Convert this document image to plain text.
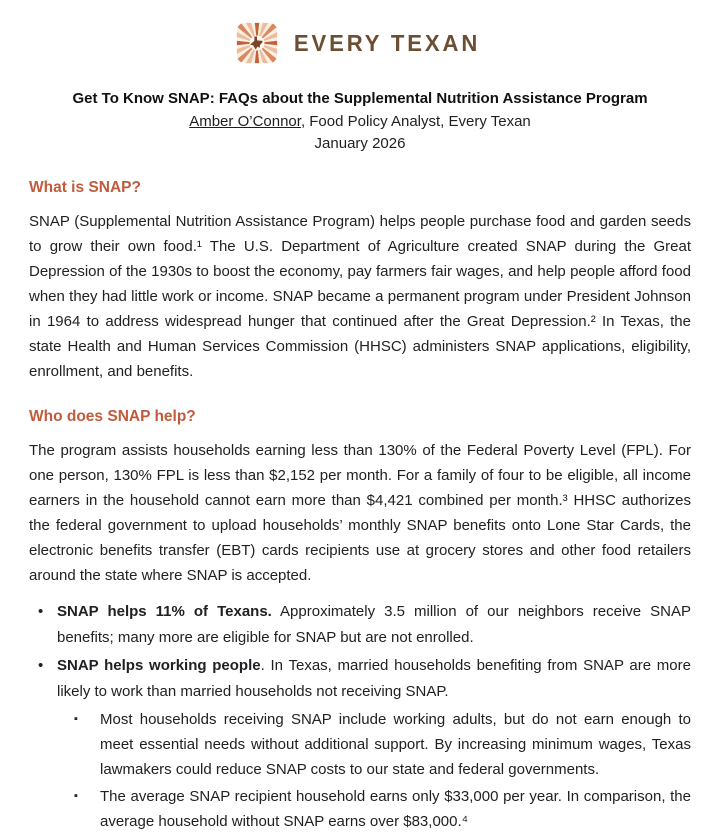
EVERY TEXAN
Get To Know SNAP: FAQs about the Supplemental Nutrition Assistance Program
Amber O’Connor, Food Policy Analyst, Every Texan
January 2026
What is SNAP?

SNAP (Supplemental Nutrition Assistance Program) helps people purchase food and garden seeds to grow their own food.¹ The U.S. Department of Agriculture created SNAP during the Great Depression of the 1930s to boost the economy, pay farmers fair wages, and help people afford food when they had little work or income. SNAP became a permanent program under President Johnson in 1964 to address widespread hunger that continued after the Great Depression.² In Texas, the state Health and Human Services Commission (HHSC) administers SNAP applications, eligibility, enrollment, and benefits.

Who does SNAP help?

The program assists households earning less than 130% of the Federal Poverty Level (FPL). For one person, 130% FPL is less than $2,152 per month. For a family of four to be eligible, all income earners in the household cannot earn more than $4,421 combined per month.³ HHSC authorizes the federal government to upload households’ monthly SNAP benefits onto Lone Star Cards, the electronic benefits transfer (EBT) cards recipients use at grocery stores and other food retailers around the state where SNAP is accepted.

• SNAP helps 11% of Texans. Approximately 3.5 million of our neighbors receive SNAP benefits; many more are eligible for SNAP but are not enrolled.
• SNAP helps working people. In Texas, married households benefiting from SNAP are more likely to work than married households not receiving SNAP.
▪ Most households receiving SNAP include working adults, but do not earn enough to meet essential needs without additional support. By increasing minimum wages, Texas lawmakers could reduce SNAP costs to our state and federal governments.
▪ The average SNAP recipient household earns only $33,000 per year. In comparison, the average household without SNAP earns over $83,000.⁴
